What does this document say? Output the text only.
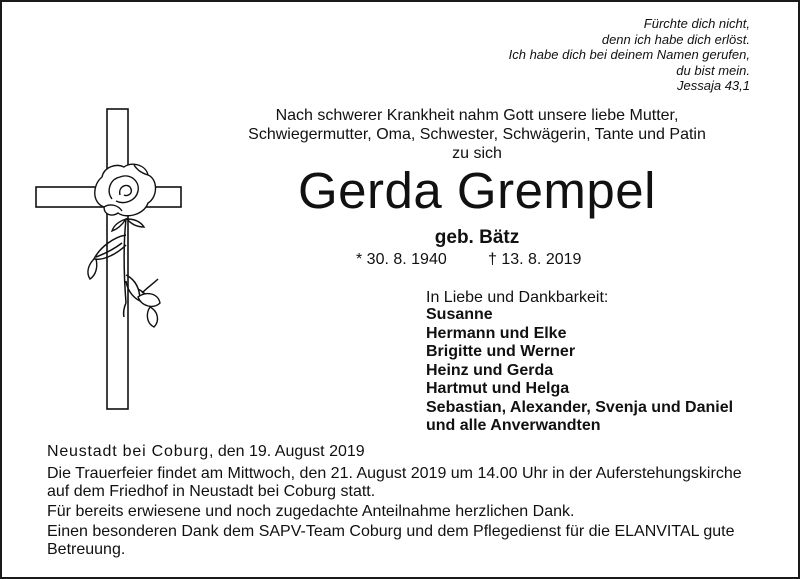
Fürchte dich nicht,
denn ich habe dich erlöst.
Ich habe dich bei deinem Namen gerufen,
du bist mein.
Jessaja 43,1
Nach schwerer Krankheit nahm Gott unsere liebe Mutter,
Schwiegermutter, Oma, Schwester, Schwägerin, Tante und Patin
zu sich
Gerda Grempel
geb. Bätz
* 30. 8. 1940	† 13. 8. 2019
In Liebe und Dankbarkeit:
Susanne
Hermann und Elke
Brigitte und Werner
Heinz und Gerda
Hartmut und Helga
Sebastian, Alexander, Svenja und Daniel
und alle Anverwandten
Neustadt bei Coburg, den 19. August 2019

Die Trauerfeier findet am Mittwoch, den 21. August 2019 um 14.00 Uhr in der Auferstehungskirche auf dem Friedhof in Neustadt bei Coburg statt.

Für bereits erwiesene und noch zugedachte Anteilnahme herzlichen Dank.

Einen besonderen Dank dem SAPV-Team Coburg und dem Pflegedienst für die ELANVITAL gute Betreuung.
